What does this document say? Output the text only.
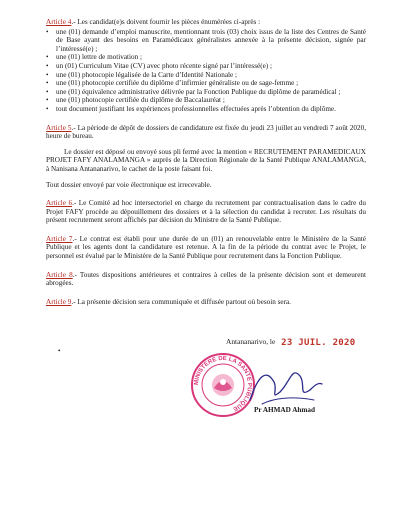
Article 4.- Les candidat(e)s doivent fournir les pièces énumérées ci-après :

• une (01) demande d’emploi manuscrite, mentionnant trois (03) choix issus de la liste des Centres de Santé de Base ayant des besoins en Paramédicaux généralistes annexée à la présente décision, signée par l’intéressé(e) ;
• une (01) lettre de motivation ;
• un (01) Curriculum Vitae (CV) avec photo récente signé par l’intéressé(e) ;
• une (01) photocopie légalisée de la Carte d’Identité Nationale ;
• une (01) photocopie certifiée du diplôme d’infirmier généraliste ou de sage-femme ;
• une (01) équivalence administrative délivrée par la Fonction Publique du diplôme de paramédical ;
• une (01) photocopie certifiée du diplôme de Baccalauréat ;
• tout document justifiant les expériences professionnelles effectuées après l’obtention du diplôme.

Article 5.- La période de dépôt de dossiers de candidature est fixée du jeudi 23 juillet au vendredi 7 août 2020, heure de bureau.

Le dossier est déposé ou envoyé sous pli fermé avec la mention « RECRUTEMENT PARAMEDICAUX PROJET FAFY ANALAMANGA » auprès de la Direction Régionale de la Santé Publique ANALAMANGA, à Nanisana Antananarivo, le cachet de la poste faisant foi.

Tout dossier envoyé par voie électronique est irrecevable.

Article 6.- Le Comité ad hoc intersectoriel en charge du recrutement par contractualisation dans le cadre du Projet FAFY procède au dépouillement des dossiers et à la sélection du candidat à recruter. Les résultats du présent recrutement seront affichés par décision du Ministre de la Santé Publique.

Article 7.- Le contrat est établi pour une durée de un (01) an renouvelable entre le Ministère de la Santé Publique et les agents dont la candidature est retenue. A la fin de la période du contrat avec le Projet, le personnel est évalué par le Ministère de la Santé Publique pour recrutement dans la Fonction Publique.

Article 8.- Toutes dispositions antérieures et contraires à celles de la présente décision sont et demeurent abrogées.

Article 9.- La présente décision sera communiquée et diffusée partout où besoin sera.

•
Antananarivo, le 23 JUIL. 2020
MINISTERE DE LA SANTE PUBLIQUE	Pr AHMAD Ahmad
